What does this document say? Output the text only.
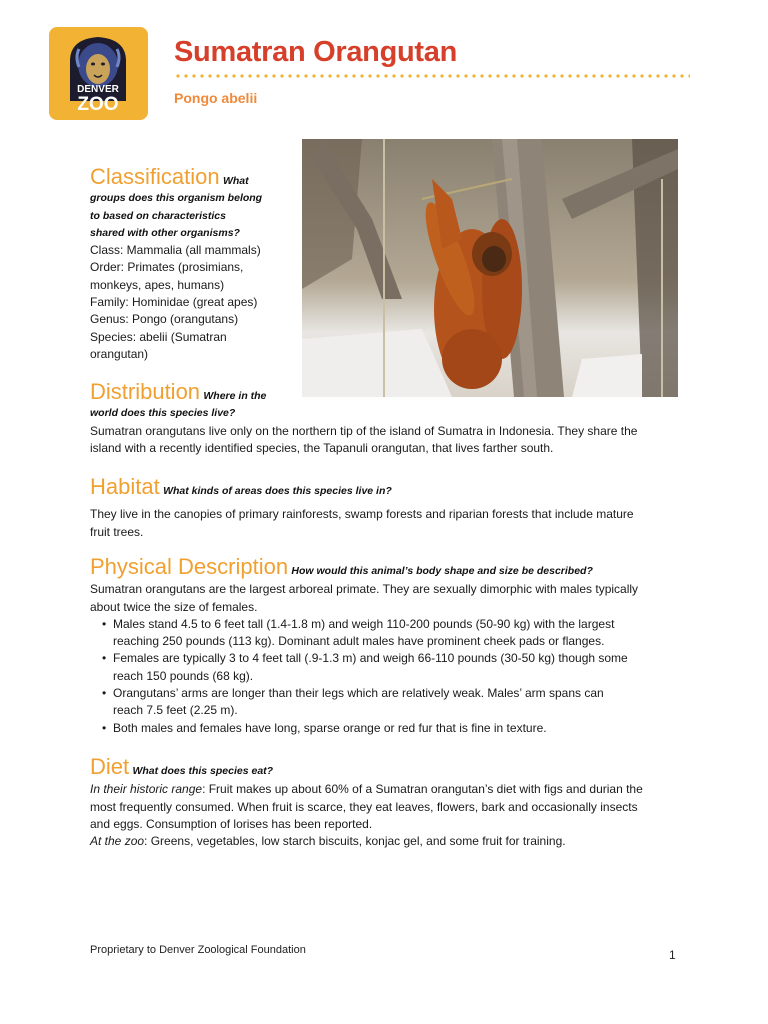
DENVER
ZOO
Sumatran Orangutan
Pongo abelii
Classification What
groups does this organism belong
to based on characteristics
shared with other organisms?
Class: Mammalia (all mammals)
Order: Primates (prosimians,
monkeys, apes, humans)
Family: Hominidae (great apes)
Genus: Pongo (orangutans)
Species: abelii (Sumatran
orangutan)
Distribution Where in the
world does this species live?
Sumatran orangutans live only on the northern tip of the island of Sumatra in Indonesia. They share the
island with a recently identified species, the Tapanuli orangutan, that lives farther south.
Habitat What kinds of areas does this species live in?
They live in the canopies of primary rainforests, swamp forests and riparian forests that include mature
fruit trees.
Physical Description How would this animal’s body shape and size be described?
Sumatran orangutans are the largest arboreal primate. They are sexually dimorphic with males typically
about twice the size of females.
• Males stand 4.5 to 6 feet tall (1.4-1.8 m) and weigh 110-200 pounds (50-90 kg) with the largest
reaching 250 pounds (113 kg). Dominant adult males have prominent cheek pads or flanges.
• Females are typically 3 to 4 feet tall (.9-1.3 m) and weigh 66-110 pounds (30-50 kg) though some
reach 150 pounds (68 kg).
• Orangutans’ arms are longer than their legs which are relatively weak. Males’ arm spans can
reach 7.5 feet (2.25 m).
• Both males and females have long, sparse orange or red fur that is fine in texture.
Diet What does this species eat?
In their historic range: Fruit makes up about 60% of a Sumatran orangutan’s diet with figs and durian the
most frequently consumed. When fruit is scarce, they eat leaves, flowers, bark and occasionally insects
and eggs. Consumption of lorises has been reported.
At the zoo: Greens, vegetables, low starch biscuits, konjac gel, and some fruit for training.
Proprietary to Denver Zoological Foundation	1
